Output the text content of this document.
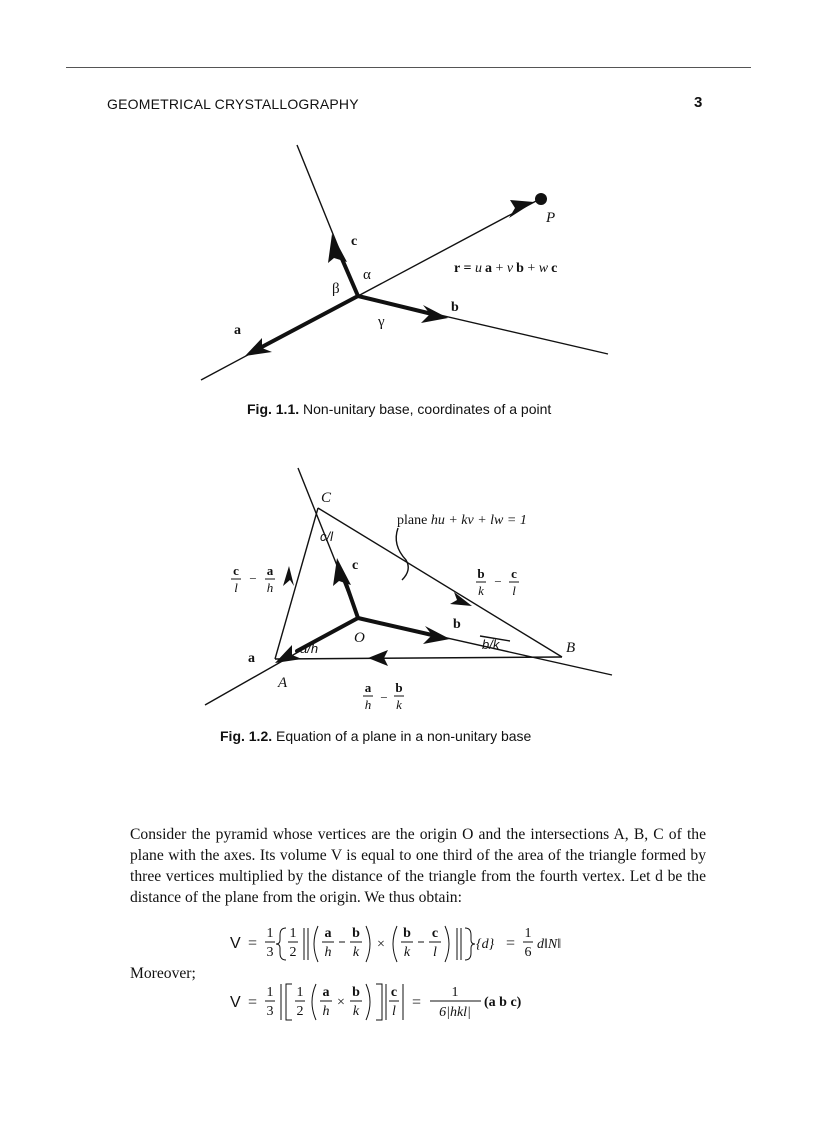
GEOMETRICAL CRYSTALLOGRAPHY	3
P
c
b
a
α
β
γ
r = u a + v b + w c
Fig. 1.1. Non-unitary base, coordinates of a point
C
B
A
O
c/l
a/h	b/k
c
b
a
plane hu + kv + lw = 1
c
l
−
a
h
b
k
−
c
l
a
h −
b
k
Fig. 1.2. Equation of a plane in a non-unitary base

Consider the pyramid whose vertices are the origin O and the intersections A, B, C of the plane with the axes. Its volume V is equal to one third of the area of the triangle formed by three vertices multiplied by the distance of the triangle from the fourth vertex. Let d be the distance of the plane from the origin. We thus obtain:

V =
1
3
1
2
a
h
b
k
×
b
k
c
l
{d} =
1
6
d‖N‖
Moreover;
V =
1
3
1
2
a
h
×
b
k
c
l
=
1
6|hkl|
(a b c)
